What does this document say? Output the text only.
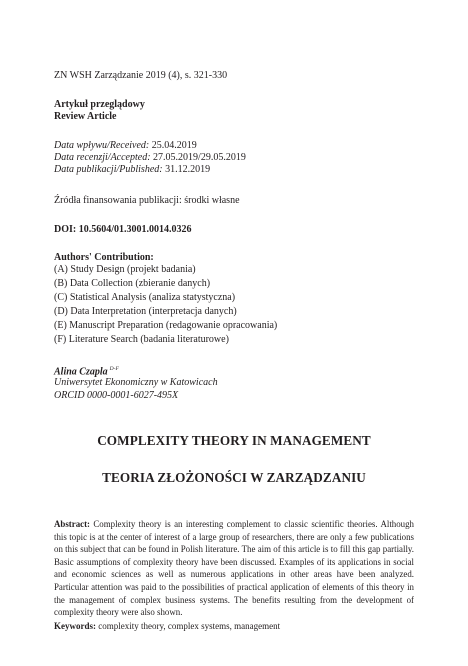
ZN WSH Zarządzanie 2019 (4), s. 321-330
Artykuł przeglądowy
Review Article
Data wpływu/Received: 25.04.2019
Data recenzji/Accepted: 27.05.2019/29.05.2019
Data publikacji/Published: 31.12.2019
Źródła finansowania publikacji: środki własne
DOI: 10.5604/01.3001.0014.0326
Authors' Contribution:
(A) Study Design (projekt badania)
(B) Data Collection (zbieranie danych)
(C) Statistical Analysis (analiza statystyczna)
(D) Data Interpretation (interpretacja danych)
(E) Manuscript Preparation (redagowanie opracowania)
(F) Literature Search (badania literaturowe)
Alina Czapla $^{D-F}$
Uniwersytet Ekonomiczny w Katowicach
ORCID 0000-0001-6027-495X
COMPLEXITY THEORY IN MANAGEMENT
TEORIA ZŁOŻONOŚCI W ZARZĄDZANIU
Abstract: Complexity theory is an interesting complement to classic scientific theories. Although this topic is at the center of interest of a large group of researchers, there are only a few publications on this subject that can be found in Polish literature. The aim of this article is to fill this gap partially. Basic assumptions of complexity theory have been discussed. Examples of its applications in social and economic sciences as well as numerous applications in other areas have been analyzed. Particular attention was paid to the possibilities of practical application of elements of this theory in the management of complex business systems. The benefits resulting from the development of complexity theory were also shown.
Keywords: complexity theory, complex systems, management
